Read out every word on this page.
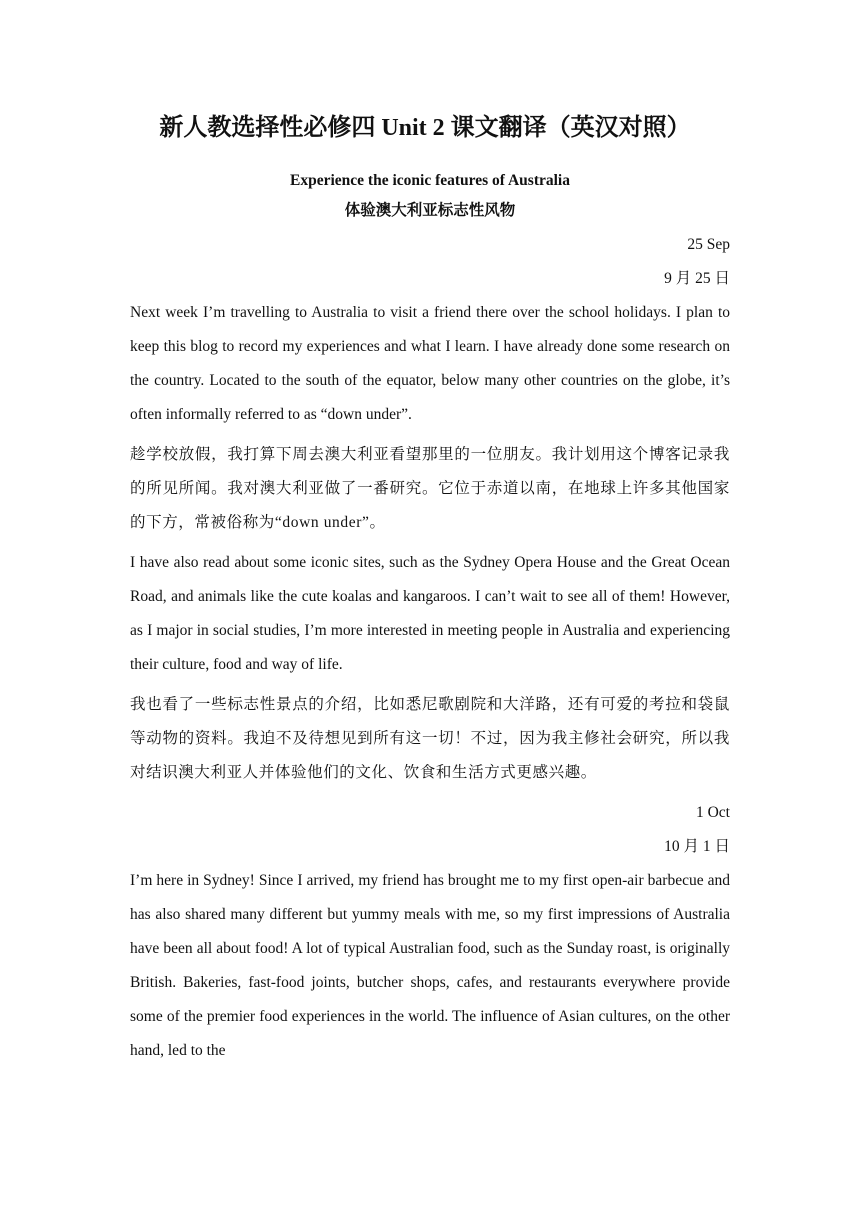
新人教选择性必修四 Unit 2 课文翻译（英汉对照）

Experience the iconic features of Australia

体验澳大利亚标志性风物

25 Sep

9 月 25 日

Next week I’m travelling to Australia to visit a friend there over the school holidays. I plan to keep this blog to record my experiences and what I learn. I have already done some research on the country. Located to the south of the equator, below many other countries on the globe, it’s often informally referred to as “down under”.

趁学校放假，我打算下周去澳大利亚看望那里的一位朋友。我计划用这个博客记录我的所见所闻。我对澳大利亚做了一番研究。它位于赤道以南，在地球上许多其他国家的下方，常被俗称为“down under”。

I have also read about some iconic sites, such as the Sydney Opera House and the Great Ocean Road, and animals like the cute koalas and kangaroos. I can’t wait to see all of them! However, as I major in social studies, I’m more interested in meeting people in Australia and experiencing their culture, food and way of life.

我也看了一些标志性景点的介绍，比如悉尼歌剧院和大洋路，还有可爱的考拉和袋鼠等动物的资料。我迫不及待想见到所有这一切！不过，因为我主修社会研究，所以我对结识澳大利亚人并体验他们的文化、饮食和生活方式更感兴趣。

1 Oct

10 月 1 日

I’m here in Sydney! Since I arrived, my friend has brought me to my first open-air barbecue and has also shared many different but yummy meals with me, so my first impressions of Australia have been all about food! A lot of typical Australian food, such as the Sunday roast, is originally British. Bakeries, fast-food joints, butcher shops, cafes, and restaurants everywhere provide some of the premier food experiences in the world. The influence of Asian cultures, on the other hand, led to the
